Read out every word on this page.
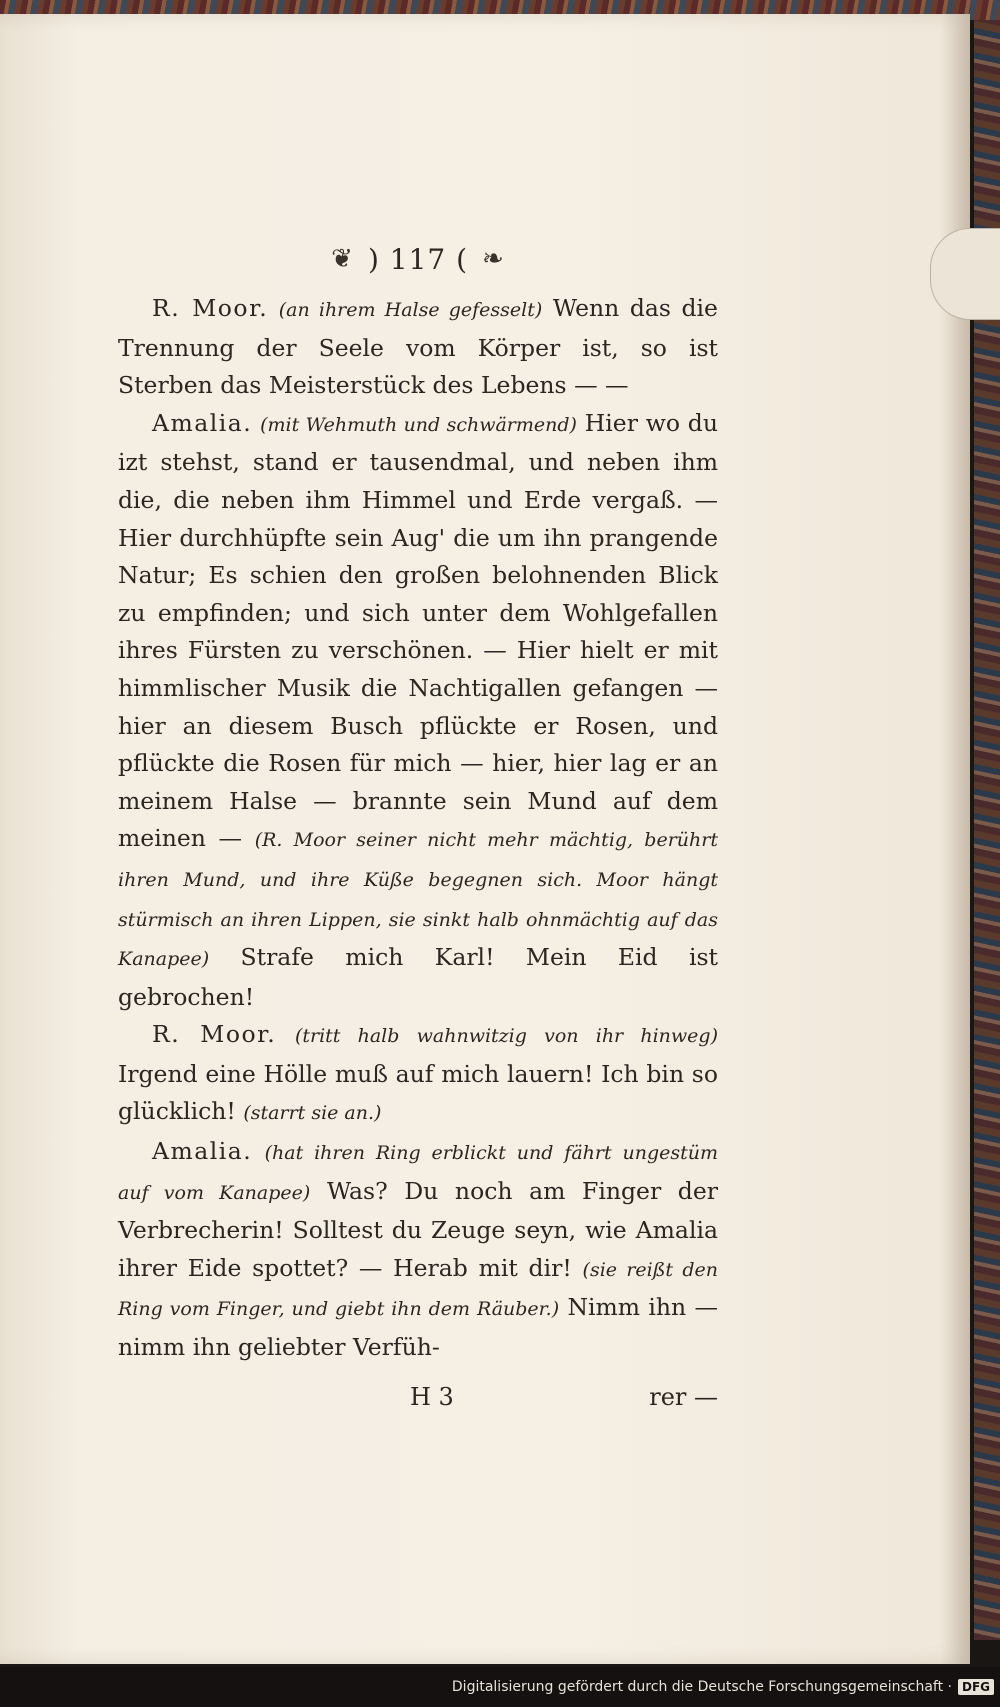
❦ ) 117 ( ❧

R. Moor. (an ihrem Halse gefesselt) Wenn das die Trennung der Seele vom Körper ist, so ist Sterben das Meisterstück des Lebens — —

Amalia. (mit Wehmuth und schwärmend) Hier wo du izt stehst, stand er tausendmal, und neben ihm die, die neben ihm Himmel und Erde vergaß. — Hier durchhüpfte sein Aug' die um ihn prangende Natur; Es schien den großen belohnenden Blick zu empfinden; und sich unter dem Wohlgefallen ihres Fürsten zu verschönen. — Hier hielt er mit himmlischer Musik die Nachtigallen gefangen — hier an diesem Busch pflückte er Rosen, und pflückte die Rosen für mich — hier, hier lag er an meinem Halse — brannte sein Mund auf dem meinen — (R. Moor seiner nicht mehr mächtig, berührt ihren Mund, und ihre Küße begegnen sich. Moor hängt stürmisch an ihren Lippen, sie sinkt halb ohnmächtig auf das Kanapee) Strafe mich Karl! Mein Eid ist gebrochen!

R. Moor. (tritt halb wahnwitzig von ihr hinweg) Irgend eine Hölle muß auf mich lauern! Ich bin so glücklich! (starrt sie an.)

Amalia. (hat ihren Ring erblickt und fährt ungestüm auf vom Kanapee) Was? Du noch am Finger der Verbrecherin! Solltest du Zeuge seyn, wie Amalia ihrer Eide spottet? — Herab mit dir! (sie reißt den Ring vom Finger, und giebt ihn dem Räuber.) Nimm ihn — nimm ihn geliebter Verfüh-

H 3	rer —
Digitalisierung gefördert durch die Deutsche Forschungsgemeinschaft · DFG
